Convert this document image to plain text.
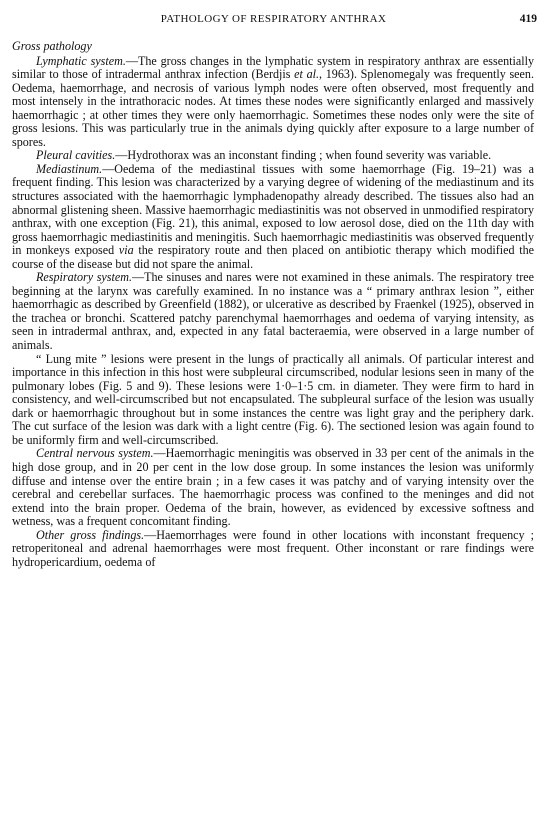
PATHOLOGY OF RESPIRATORY ANTHRAX	419
Gross pathology

Lymphatic system.—The gross changes in the lymphatic system in respiratory anthrax are essentially similar to those of intradermal anthrax infection (Berdjis et al., 1963). Splenomegaly was frequently seen. Oedema, haemorrhage, and necrosis of various lymph nodes were often observed, most frequently and most intensely in the intrathoracic nodes. At times these nodes were significantly enlarged and massively haemorrhagic ; at other times they were only haemorrhagic. Sometimes these nodes only were the site of gross lesions. This was particularly true in the animals dying quickly after exposure to a large number of spores.

Pleural cavities.—Hydrothorax was an inconstant finding ; when found severity was variable.

Mediastinum.—Oedema of the mediastinal tissues with some haemorrhage (Fig. 19–21) was a frequent finding. This lesion was characterized by a varying degree of widening of the mediastinum and its structures associated with the haemorrhagic lymphadenopathy already described. The tissues also had an abnormal glistening sheen. Massive haemorrhagic mediastinitis was not observed in unmodified respiratory anthrax, with one exception (Fig. 21), this animal, exposed to low aerosol dose, died on the 11th day with gross haemorrhagic mediastinitis and meningitis. Such haemorrhagic mediastinitis was observed frequently in monkeys exposed via the respiratory route and then placed on antibiotic therapy which modified the course of the disease but did not spare the animal.

Respiratory system.—The sinuses and nares were not examined in these animals. The respiratory tree beginning at the larynx was carefully examined. In no instance was a “ primary anthrax lesion ”, either haemorrhagic as described by Greenfield (1882), or ulcerative as described by Fraenkel (1925), observed in the trachea or bronchi. Scattered patchy parenchymal haemorrhages and oedema of varying intensity, as seen in intradermal anthrax, and, expected in any fatal bacteraemia, were observed in a large number of animals.

“ Lung mite ” lesions were present in the lungs of practically all animals. Of particular interest and importance in this infection in this host were subpleural circumscribed, nodular lesions seen in many of the pulmonary lobes (Fig. 5 and 9). These lesions were 1·0–1·5 cm. in diameter. They were firm to hard in consistency, and well-circumscribed but not encapsulated. The subpleural surface of the lesion was usually dark or haemorrhagic throughout but in some instances the centre was light gray and the periphery dark. The cut surface of the lesion was dark with a light centre (Fig. 6). The sectioned lesion was again found to be uniformly firm and well-circumscribed.

Central nervous system.—Haemorrhagic meningitis was observed in 33 per cent of the animals in the high dose group, and in 20 per cent in the low dose group. In some instances the lesion was uniformly diffuse and intense over the entire brain ; in a few cases it was patchy and of varying intensity over the cerebral and cerebellar surfaces. The haemorrhagic process was confined to the meninges and did not extend into the brain proper. Oedema of the brain, however, as evidenced by excessive softness and wetness, was a frequent concomitant finding.

Other gross findings.—Haemorrhages were found in other locations with inconstant frequency ; retroperitoneal and adrenal haemorrhages were most frequent. Other inconstant or rare findings were hydropericardium, oedema of
